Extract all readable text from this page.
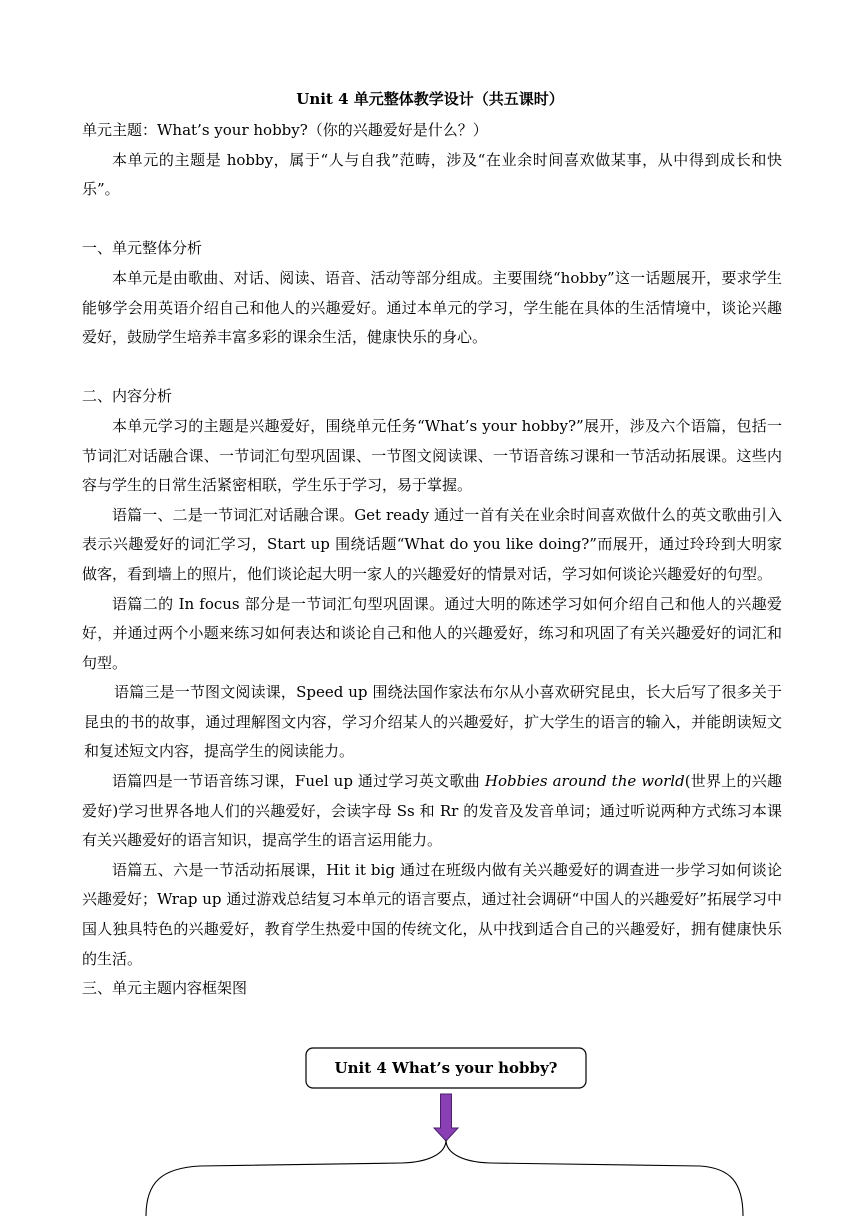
Unit 4 单元整体教学设计（共五课时）

单元主题：What’s your hobby?（你的兴趣爱好是什么？）

本单元的主题是 hobby，属于“人与自我”范畴，涉及“在业余时间喜欢做某事，从中得到成长和快乐”。

一、单元整体分析

本单元是由歌曲、对话、阅读、语音、活动等部分组成。主要围绕“hobby”这一话题展开，要求学生能够学会用英语介绍自己和他人的兴趣爱好。通过本单元的学习，学生能在具体的生活情境中，谈论兴趣爱好，鼓励学生培养丰富多彩的课余生活，健康快乐的身心。

二、内容分析

本单元学习的主题是兴趣爱好，围绕单元任务“What’s your hobby?”展开，涉及六个语篇，包括一节词汇对话融合课、一节词汇句型巩固课、一节图文阅读课、一节语音练习课和一节活动拓展课。这些内容与学生的日常生活紧密相联，学生乐于学习，易于掌握。

语篇一、二是一节词汇对话融合课。Get ready 通过一首有关在业余时间喜欢做什么的英文歌曲引入表示兴趣爱好的词汇学习，Start up 围绕话题“What do you like doing?”而展开，通过玲玲到大明家做客，看到墙上的照片，他们谈论起大明一家人的兴趣爱好的情景对话，学习如何谈论兴趣爱好的句型。

语篇二的 In focus 部分是一节词汇句型巩固课。通过大明的陈述学习如何介绍自己和他人的兴趣爱好，并通过两个小题来练习如何表达和谈论自己和他人的兴趣爱好，练习和巩固了有关兴趣爱好的词汇和句型。

语篇三是一节图文阅读课，Speed up 围绕法国作家法布尔从小喜欢研究昆虫，长大后写了很多关于昆虫的书的故事，通过理解图文内容，学习介绍某人的兴趣爱好，扩大学生的语言的输入，并能朗读短文和复述短文内容，提高学生的阅读能力。

语篇四是一节语音练习课，Fuel up 通过学习英文歌曲 Hobbies around the world(世界上的兴趣爱好)学习世界各地人们的兴趣爱好，会读字母 Ss 和 Rr 的发音及发音单词；通过听说两种方式练习本课有关兴趣爱好的语言知识，提高学生的语言运用能力。

语篇五、六是一节活动拓展课，Hit it big 通过在班级内做有关兴趣爱好的调查进一步学习如何谈论兴趣爱好；Wrap up 通过游戏总结复习本单元的语言要点，通过社会调研“中国人的兴趣爱好”拓展学习中国人独具特色的兴趣爱好，教育学生热爱中国的传统文化，从中找到适合自己的兴趣爱好，拥有健康快乐的生活。

三、单元主题内容框架图

Unit 4 What’s your hobby?
